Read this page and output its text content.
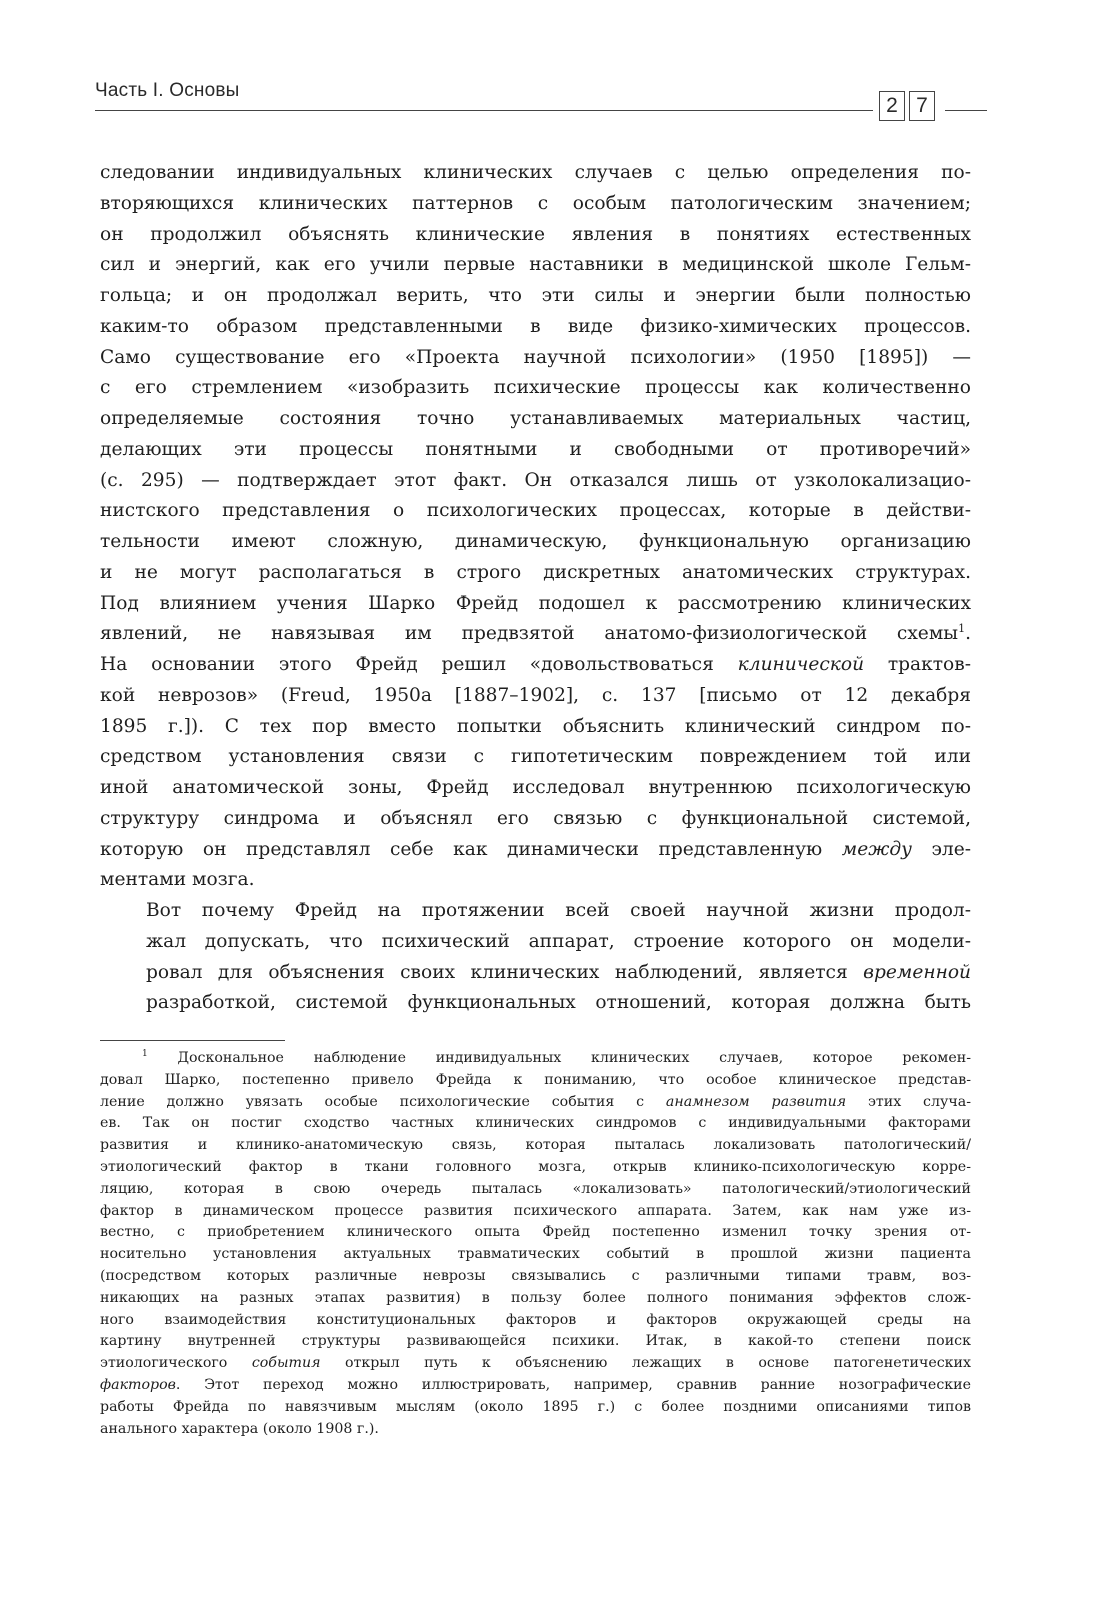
Часть I. Основы
2 7

следовании индивидуальных клинических случаев с целью определения по-
вторяющихся клинических паттернов с особым патологическим значением;
он продолжил объяснять клинические явления в понятиях естественных
сил и энергий, как его учили первые наставники в медицинской школе Гельм-
гольца; и он продолжал верить, что эти силы и энергии были полностью
каким-то образом представленными в виде физико-химических процессов.
Само существование его «Проекта научной психологии» (1950 [1895]) —
с его стремлением «изобразить психические процессы как количественно
определяемые состояния точно устанавливаемых материальных частиц,
делающих эти процессы понятными и свободными от противоречий»
(с. 295) — подтверждает этот факт. Он отказался лишь от узколокализацио-
нистского представления о психологических процессах, которые в действи-
тельности имеют сложную, динамическую, функциональную организацию
и не могут располагаться в строго дискретных анатомических структурах.
Под влиянием учения Шарко Фрейд подошел к рассмотрению клинических
явлений, не навязывая им предвзятой анатомо-физиологической схемы$^1$.
На основании этого Фрейд решил «довольствоваться клинической трактов-
кой неврозов» (Freud, 1950a [1887–1902], с. 137 [письмо от 12 декабря
1895 г.]). С тех пор вместо попытки объяснить клинический синдром по-
средством установления связи с гипотетическим повреждением той или
иной анатомической зоны, Фрейд исследовал внутреннюю психологическую
структуру синдрома и объяснял его связью с функциональной системой,
которую он представлял себе как динамически представленную между эле-
ментами мозга.

Вот почему Фрейд на протяжении всей своей научной жизни продол-
жал допускать, что психический аппарат, строение которого он модели-
ровал для объяснения своих клинических наблюдений, является временной
разработкой, системой функциональных отношений, которая должна быть

$^1$ Доскональное наблюдение индивидуальных клинических случаев, которое рекомен-
довал Шарко, постепенно привело Фрейда к пониманию, что особое клиническое представ-
ление должно увязать особые психологические события с анамнезом развития этих случа-
ев. Так он постиг сходство частных клинических синдромов с индивидуальными факторами
развития и клинико-анатомическую связь, которая пыталась локализовать патологический/
этиологический фактор в ткани головного мозга, открыв клинико-психологическую корре-
ляцию, которая в свою очередь пыталась «локализовать» патологический/этиологический
фактор в динамическом процессе развития психического аппарата. Затем, как нам уже из-
вестно, с приобретением клинического опыта Фрейд постепенно изменил точку зрения от-
носительно установления актуальных травматических событий в прошлой жизни пациента
(посредством которых различные неврозы связывались с различными типами травм, воз-
никающих на разных этапах развития) в пользу более полного понимания эффектов слож-
ного взаимодействия конституциональных факторов и факторов окружающей среды на
картину внутренней структуры развивающейся психики. Итак, в какой-то степени поиск
этиологического события открыл путь к объяснению лежащих в основе патогенетических
факторов. Этот переход можно иллюстрировать, например, сравнив ранние нозографические
работы Фрейда по навязчивым мыслям (около 1895 г.) с более поздними описаниями типов
анального характера (около 1908 г.).
